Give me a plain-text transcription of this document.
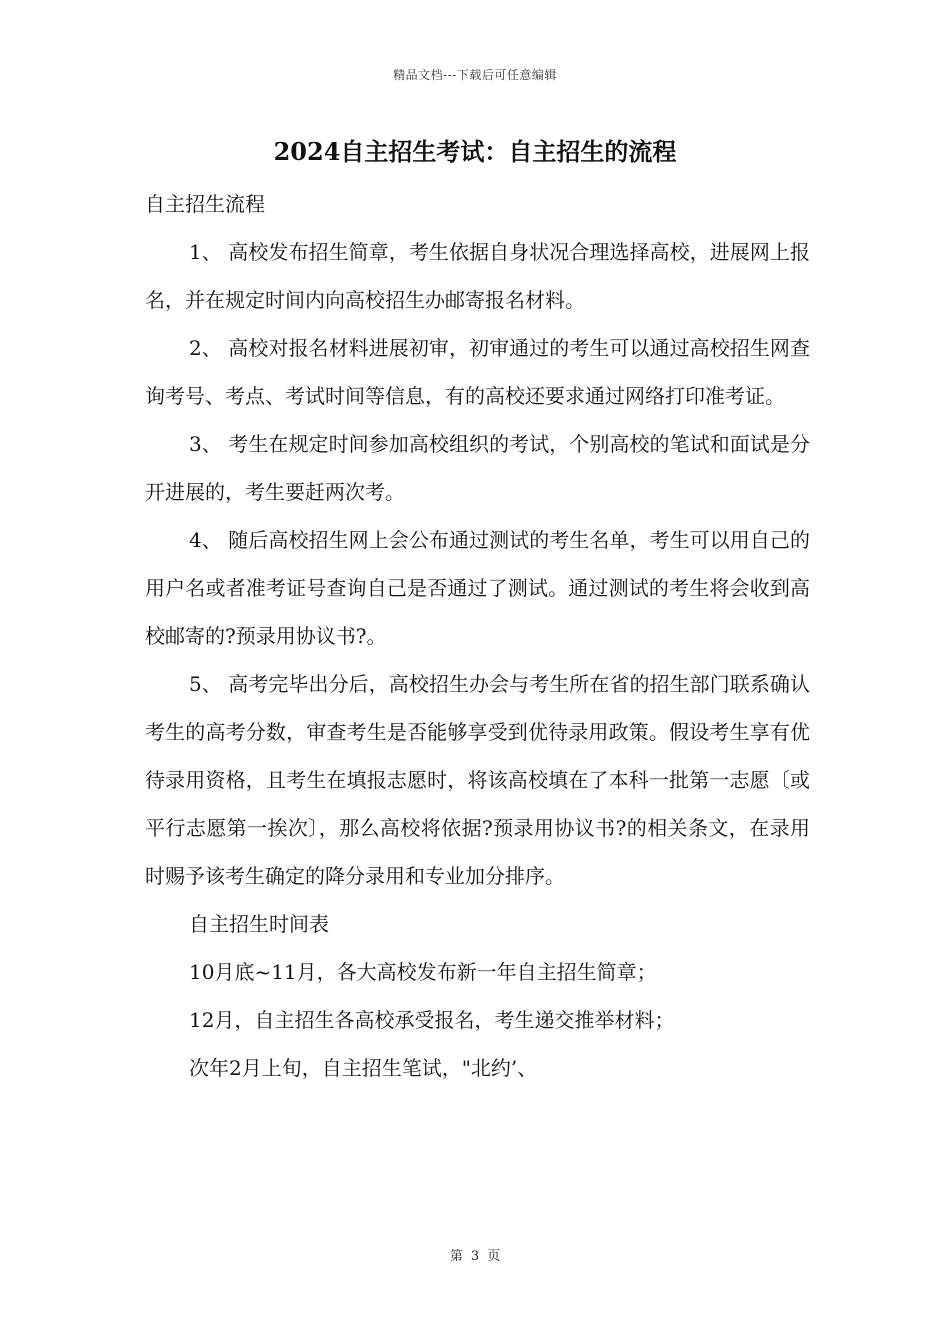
精品文档---下载后可任意编辑
2024自主招生考试：自主招生的流程

自主招生流程

1、 高校发布招生简章，考生依据自身状况合理选择高校，进展网上报名，并在规定时间内向高校招生办邮寄报名材料。

2、 高校对报名材料进展初审，初审通过的考生可以通过高校招生网查询考号、考点、考试时间等信息，有的高校还要求通过网络打印准考证。

3、 考生在规定时间参加高校组织的考试，个别高校的笔试和面试是分开进展的，考生要赶两次考。

4、 随后高校招生网上会公布通过测试的考生名单，考生可以用自己的用户名或者准考证号查询自己是否通过了测试。通过测试的考生将会收到高校邮寄的?预录用协议书?。

5、 高考完毕出分后，高校招生办会与考生所在省的招生部门联系确认考生的高考分数，审查考生是否能够享受到优待录用政策。假设考生享有优待录用资格，且考生在填报志愿时，将该高校填在了本科一批第一志愿〔或平行志愿第一挨次〕，那么高校将依据?预录用协议书?的相关条文，在录用时赐予该考生确定的降分录用和专业加分排序。

自主招生时间表

10月底~11月，各大高校发布新一年自主招生简章；

12月，自主招生各高校承受报名，考生递交推举材料；

次年2月上旬，自主招生笔试，"北约’、

第 3 页
